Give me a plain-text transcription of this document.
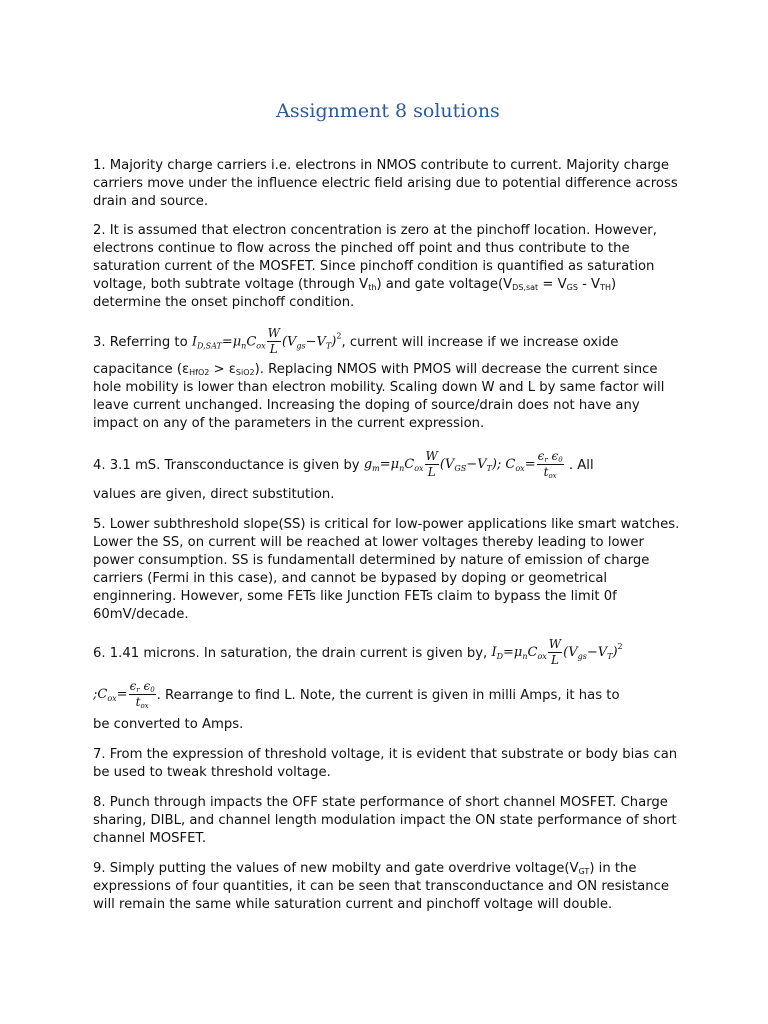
Assignment 8 solutions

1. Majority charge carriers i.e. electrons in NMOS contribute to current. Majority charge carriers move under the influence electric field arising due to potential difference across drain and source.

2. It is assumed that electron concentration is zero at the pinchoff location. However, electrons continue to flow across the pinched off point and thus contribute to the saturation current of the MOSFET. Since pinchoff condition is quantified as saturation voltage, both subtrate voltage (through $V_{th}$) and gate $voltage(V_{DS,sat} = V_{GS} - V_{TH})$ determine the onset pinchoff condition.

3. Referring to $I_{D,SAT}=\mu_nC_{ox} \frac{W}{L} (V_{gs}-V_T)^2$, current will increase if we increase oxide

capacitance $(\varepsilon_{HfO2} > \varepsilon_{SiO2})$. Replacing NMOS with PMOS will decrease the current since hole mobility is lower than electron mobility. Scaling down W and L by same factor will leave current unchanged. Increasing the doping of source/drain does not have any impact on any of the parameters in the current expression.

4. 3.1 mS. Transconductance is given by $g_m=\mu_nC_{ox} \frac{W}{L} (V_{GS}-V_T)$; $C_{ox}= \frac{\epsilon_r \epsilon_0}{t_{ox}}$ . All

values are given, direct substitution.

5. Lower subthreshold slope(SS) is critical for low-power applications like smart watches. Lower the SS, on current will be reached at lower voltages thereby leading to lower power consumption. SS is fundamentall determined by nature of emission of charge carriers (Fermi in this case), and cannot be bypased by doping or geometrical enginnering. However, some FETs like Junction FETs claim to bypass the limit 0f 60mV/decade.

6. 1.41 microns. In saturation, the drain current is given by, $I_D=\mu_nC_{ox} \frac{W}{L} (V_{gs}-V_T)^2$

$;C_{ox}= \frac{\epsilon_r \epsilon_0}{t_{ox}}$ . Rearrange to find L. Note, the current is given in milli Amps, it has to

be converted to Amps.

7. From the expression of threshold voltage, it is evident that substrate or body bias can be used to tweak threshold voltage.

8. Punch through impacts the OFF state performance of short channel MOSFET. Charge sharing, DIBL, and channel length modulation impact the ON state performance of short channel MOSFET.

9. Simply putting the values of new mobilty and gate overdrive $voltage(V_{GT})$ in the expressions of four quantities, it can be seen that transconductance and ON resistance will remain the same while saturation current and pinchoff voltage will double.
